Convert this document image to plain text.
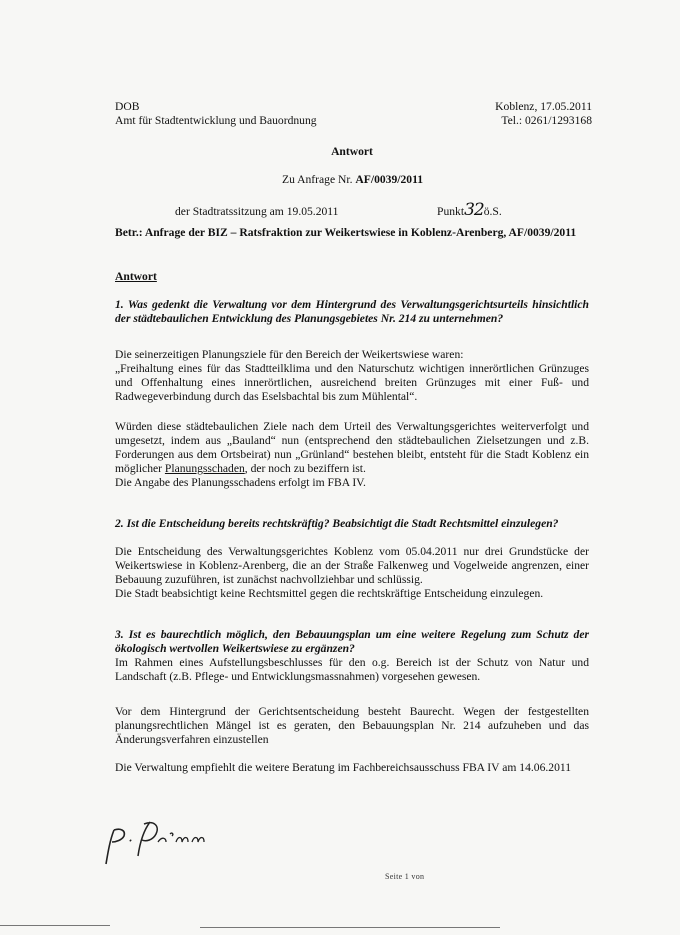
DOB
Amt für Stadtentwicklung und Bauordnung
Koblenz, 17.05.2011
Tel.: 0261/1293168
Antwort
Zu Anfrage Nr. AF/0039/2011
der Stadtratssitzung am 19.05.2011	Punkt32ö.S.
Betr.: Anfrage der BIZ – Ratsfraktion zur Weikertswiese in Koblenz-Arenberg, AF/0039/2011
Antwort

1. Was gedenkt die Verwaltung vor dem Hintergrund des Verwaltungsgerichtsurteils hinsichtlich der städtebaulichen Entwicklung des Planungsgebietes Nr. 214 zu unternehmen?

Die seinerzeitigen Planungsziele für den Bereich der Weikertswiese waren:

„Freihaltung eines für das Stadtteilklima und den Naturschutz wichtigen innerörtlichen Grünzuges und Offenhaltung eines innerörtlichen, ausreichend breiten Grünzuges mit einer Fuß- und Radwegeverbindung durch das Eselsbachtal bis zum Mühlental“.

Würden diese städtebaulichen Ziele nach dem Urteil des Verwaltungsgerichtes weiterverfolgt und umgesetzt, indem aus „Bauland“ nun (entsprechend den städtebaulichen Zielsetzungen und z.B. Forderungen aus dem Ortsbeirat) nun „Grünland“ bestehen bleibt, entsteht für die Stadt Koblenz ein möglicher Planungsschaden, der noch zu beziffern ist.

Die Angabe des Planungsschadens erfolgt im FBA IV.

2. Ist die Entscheidung bereits rechtskräftig? Beabsichtigt die Stadt Rechtsmittel einzulegen?

Die Entscheidung des Verwaltungsgerichtes Koblenz vom 05.04.2011 nur drei Grundstücke der Weikertswiese in Koblenz-Arenberg, die an der Straße Falkenweg und Vogelweide angrenzen, einer Bebauung zuzuführen, ist zunächst nachvollziehbar und schlüssig.

Die Stadt beabsichtigt keine Rechtsmittel gegen die rechtskräftige Entscheidung einzulegen.

3. Ist es baurechtlich möglich, den Bebauungsplan um eine weitere Regelung zum Schutz der ökologisch wertvollen Weikertswiese zu ergänzen?

Im Rahmen eines Aufstellungsbeschlusses für den o.g. Bereich ist der Schutz von Natur und Landschaft (z.B. Pflege- und Entwicklungsmassnahmen) vorgesehen gewesen.

Vor dem Hintergrund der Gerichtsentscheidung besteht Baurecht. Wegen der festgestellten planungsrechtlichen Mängel ist es geraten, den Bebauungsplan Nr. 214 aufzuheben und das Änderungsverfahren einzustellen

Die Verwaltung empfiehlt die weitere Beratung im Fachbereichsausschuss FBA IV am 14.06.2011

Seite 1 von
